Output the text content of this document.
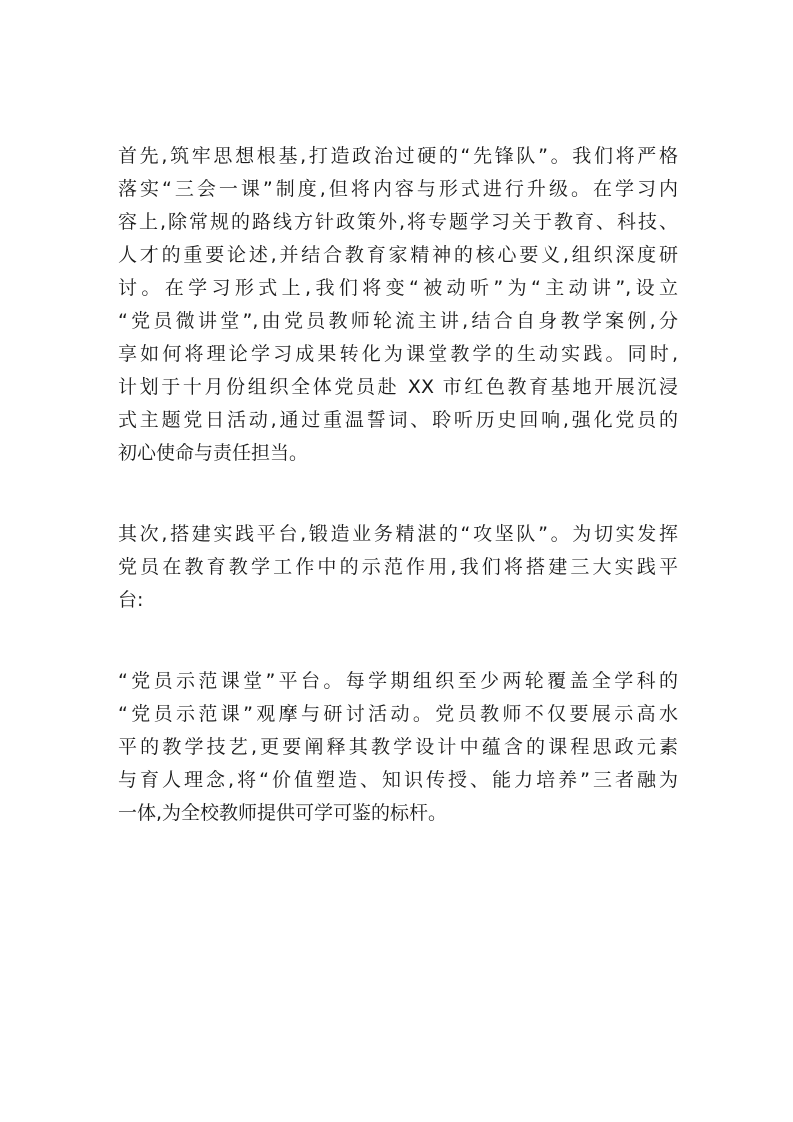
首先,筑牢思想根基,打造政治过硬的“先锋队”。我们将严格
落实“三会一课”制度,但将内容与形式进行升级。在学习内
容上,除常规的路线方针政策外,将专题学习关于教育、科技、
人才的重要论述,并结合教育家精神的核心要义,组织深度研
讨。在学习形式上,我们将变“被动听”为“主动讲”,设立
“党员微讲堂”,由党员教师轮流主讲,结合自身教学案例,分
享如何将理论学习成果转化为课堂教学的生动实践。同时,
计划于十月份组织全体党员赴 XX 市红色教育基地开展沉浸
式主题党日活动,通过重温誓词、聆听历史回响,强化党员的
初心使命与责任担当。
其次,搭建实践平台,锻造业务精湛的“攻坚队”。为切实发挥
党员在教育教学工作中的示范作用,我们将搭建三大实践平
台:
“党员示范课堂”平台。每学期组织至少两轮覆盖全学科的
“党员示范课”观摩与研讨活动。党员教师不仅要展示高水
平的教学技艺,更要阐释其教学设计中蕴含的课程思政元素
与育人理念,将“价值塑造、知识传授、能力培养”三者融为
一体,为全校教师提供可学可鉴的标杆。
